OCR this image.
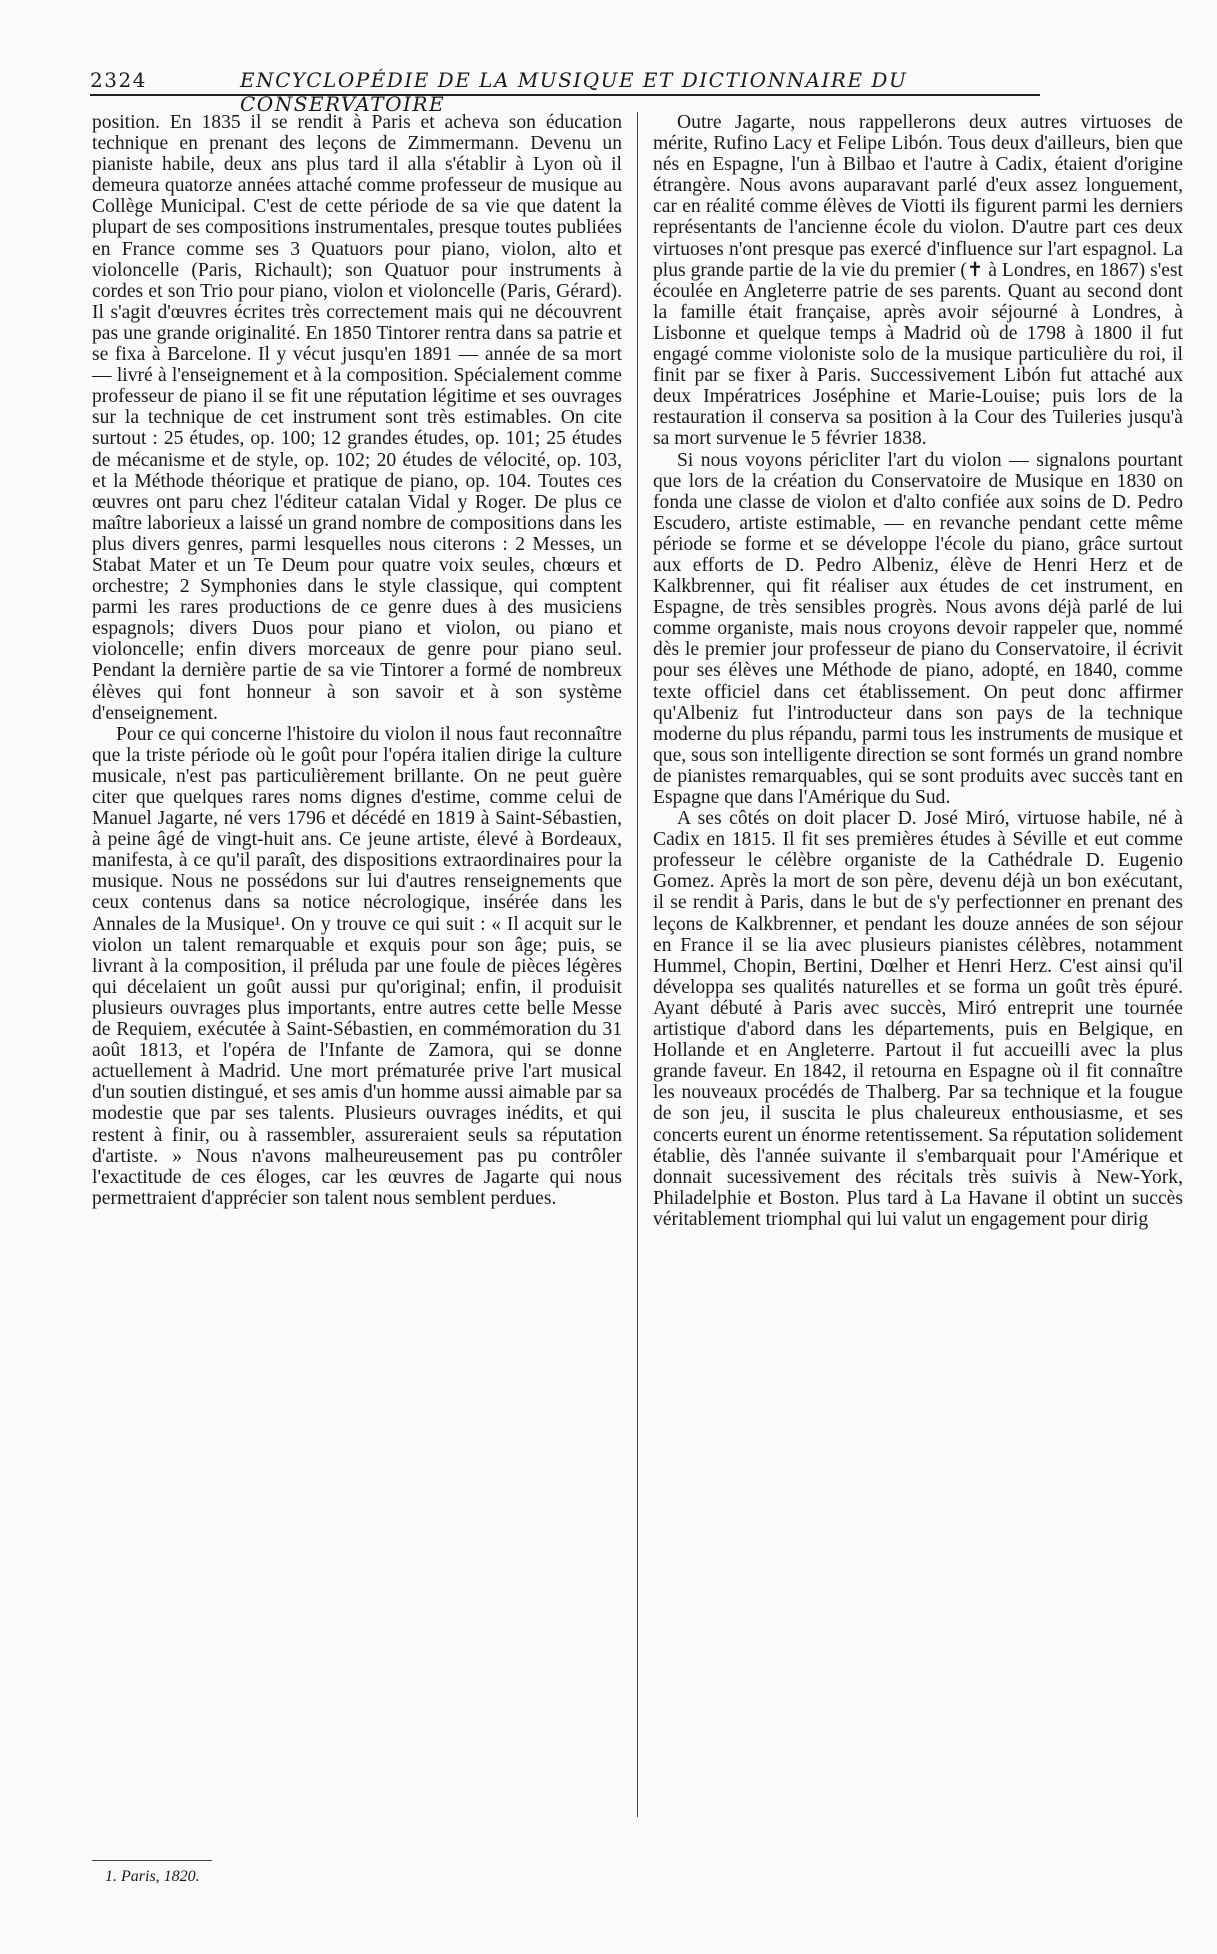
2324	ENCYCLOPÉDIE DE LA MUSIQUE ET DICTIONNAIRE DU CONSERVATOIRE

position. En 1835 il se rendit à Paris et acheva son éducation technique en prenant des leçons de Zimmermann. Devenu un pianiste habile, deux ans plus tard il alla s'établir à Lyon où il demeura quatorze années attaché comme professeur de musique au Collège Municipal. C'est de cette période de sa vie que datent la plupart de ses compositions instrumentales, presque toutes publiées en France comme ses 3 Quatuors pour piano, violon, alto et violoncelle (Paris, Richault); son Quatuor pour instruments à cordes et son Trio pour piano, violon et violoncelle (Paris, Gérard). Il s'agit d'œuvres écrites très correctement mais qui ne découvrent pas une grande originalité. En 1850 Tintorer rentra dans sa patrie et se fixa à Barcelone. Il y vécut jusqu'en 1891 — année de sa mort — livré à l'enseignement et à la composition. Spécialement comme professeur de piano il se fit une réputation légitime et ses ouvrages sur la technique de cet instrument sont très estimables. On cite surtout : 25 études, op. 100; 12 grandes études, op. 101; 25 études de mécanisme et de style, op. 102; 20 études de vélocité, op. 103, et la Méthode théorique et pratique de piano, op. 104. Toutes ces œuvres ont paru chez l'éditeur catalan Vidal y Roger. De plus ce maître laborieux a laissé un grand nombre de compositions dans les plus divers genres, parmi lesquelles nous citerons : 2 Messes, un Stabat Mater et un Te Deum pour quatre voix seules, chœurs et orchestre; 2 Symphonies dans le style classique, qui comptent parmi les rares productions de ce genre dues à des musiciens espagnols; divers Duos pour piano et violon, ou piano et violoncelle; enfin divers morceaux de genre pour piano seul. Pendant la dernière partie de sa vie Tintorer a formé de nombreux élèves qui font honneur à son savoir et à son système d'enseignement.

Pour ce qui concerne l'histoire du violon il nous faut reconnaître que la triste période où le goût pour l'opéra italien dirige la culture musicale, n'est pas particulièrement brillante. On ne peut guère citer que quelques rares noms dignes d'estime, comme celui de Manuel Jagarte, né vers 1796 et décédé en 1819 à Saint-Sébastien, à peine âgé de vingt-huit ans. Ce jeune artiste, élevé à Bordeaux, manifesta, à ce qu'il paraît, des dispositions extraordinaires pour la musique. Nous ne possédons sur lui d'autres renseignements que ceux contenus dans sa notice nécrologique, insérée dans les Annales de la Musique¹. On y trouve ce qui suit : « Il acquit sur le violon un talent remarquable et exquis pour son âge; puis, se livrant à la composition, il préluda par une foule de pièces légères qui décelaient un goût aussi pur qu'original; enfin, il produisit plusieurs ouvrages plus importants, entre autres cette belle Messe de Requiem, exécutée à Saint-Sébastien, en commémoration du 31 août 1813, et l'opéra de l'Infante de Zamora, qui se donne actuellement à Madrid. Une mort prématurée prive l'art musical d'un soutien distingué, et ses amis d'un homme aussi aimable par sa modestie que par ses talents. Plusieurs ouvrages inédits, et qui restent à finir, ou à rassembler, assureraient seuls sa réputation d'artiste. » Nous n'avons malheureusement pas pu contrôler l'exactitude de ces éloges, car les œuvres de Jagarte qui nous permettraient d'apprécier son talent nous semblent perdues.

Outre Jagarte, nous rappellerons deux autres virtuoses de mérite, Rufino Lacy et Felipe Libón. Tous deux d'ailleurs, bien que nés en Espagne, l'un à Bilbao et l'autre à Cadix, étaient d'origine étrangère. Nous avons auparavant parlé d'eux assez longuement, car en réalité comme élèves de Viotti ils figurent parmi les derniers représentants de l'ancienne école du violon. D'autre part ces deux virtuoses n'ont presque pas exercé d'influence sur l'art espagnol. La plus grande partie de la vie du premier (✝ à Londres, en 1867) s'est écoulée en Angleterre patrie de ses parents. Quant au second dont la famille était française, après avoir séjourné à Londres, à Lisbonne et quelque temps à Madrid où de 1798 à 1800 il fut engagé comme violoniste solo de la musique particulière du roi, il finit par se fixer à Paris. Successivement Libón fut attaché aux deux Impératrices Joséphine et Marie-Louise; puis lors de la restauration il conserva sa position à la Cour des Tuileries jusqu'à sa mort survenue le 5 février 1838.

Si nous voyons péricliter l'art du violon — signalons pourtant que lors de la création du Conservatoire de Musique en 1830 on fonda une classe de violon et d'alto confiée aux soins de D. Pedro Escudero, artiste estimable, — en revanche pendant cette même période se forme et se développe l'école du piano, grâce surtout aux efforts de D. Pedro Albeniz, élève de Henri Herz et de Kalkbrenner, qui fit réaliser aux études de cet instrument, en Espagne, de très sensibles progrès. Nous avons déjà parlé de lui comme organiste, mais nous croyons devoir rappeler que, nommé dès le premier jour professeur de piano du Conservatoire, il écrivit pour ses élèves une Méthode de piano, adopté, en 1840, comme texte officiel dans cet établissement. On peut donc affirmer qu'Albeniz fut l'introducteur dans son pays de la technique moderne du plus répandu, parmi tous les instruments de musique et que, sous son intelligente direction se sont formés un grand nombre de pianistes remarquables, qui se sont produits avec succès tant en Espagne que dans l'Amérique du Sud.

A ses côtés on doit placer D. José Miró, virtuose habile, né à Cadix en 1815. Il fit ses premières études à Séville et eut comme professeur le célèbre organiste de la Cathédrale D. Eugenio Gomez. Après la mort de son père, devenu déjà un bon exécutant, il se rendit à Paris, dans le but de s'y perfectionner en prenant des leçons de Kalkbrenner, et pendant les douze années de son séjour en France il se lia avec plusieurs pianistes célèbres, notamment Hummel, Chopin, Bertini, Dœlher et Henri Herz. C'est ainsi qu'il développa ses qualités naturelles et se forma un goût très épuré. Ayant débuté à Paris avec succès, Miró entreprit une tournée artistique d'abord dans les départements, puis en Belgique, en Hollande et en Angleterre. Partout il fut accueilli avec la plus grande faveur. En 1842, il retourna en Espagne où il fit connaître les nouveaux procédés de Thalberg. Par sa technique et la fougue de son jeu, il suscita le plus chaleureux enthousiasme, et ses concerts eurent un énorme retentissement. Sa réputation solidement établie, dès l'année suivante il s'embarquait pour l'Amérique et donnait sucessivement des récitals très suivis à New-York, Philadelphie et Boston. Plus tard à La Havane il obtint un succès véritablement triomphal qui lui valut un engagement pour dirig

1. Paris, 1820.
